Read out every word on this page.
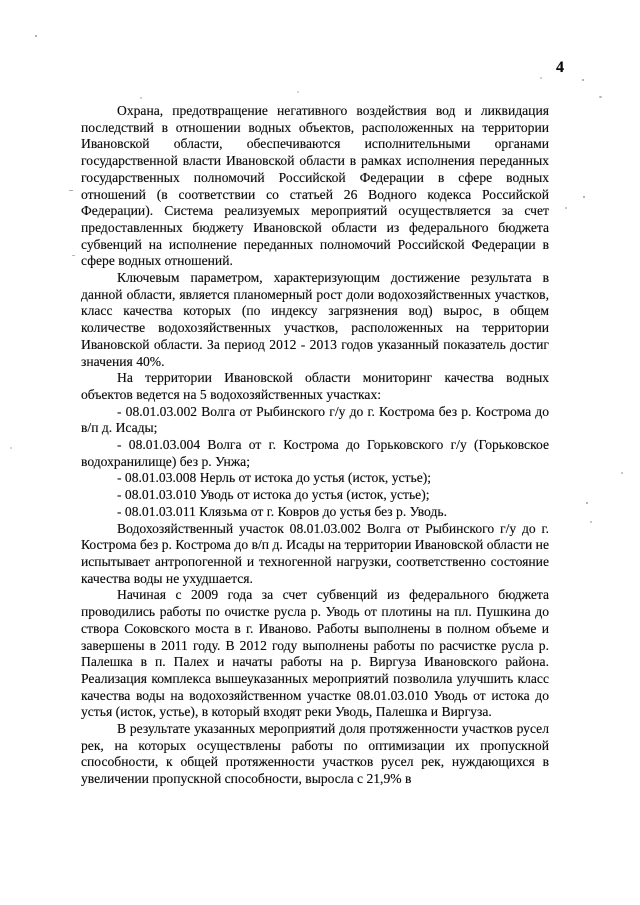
4

Охрана, предотвращение негативного воздействия вод и ликвидация последствий в отношении водных объектов, расположенных на территории Ивановской области, обеспечиваются исполнительными органами государственной власти Ивановской области в рамках исполнения переданных государственных полномочий Российской Федерации в сфере водных отношений (в соответствии со статьей 26 Водного кодекса Российской Федерации). Система реализуемых мероприятий осуществляется за счет предоставленных бюджету Ивановской области из федерального бюджета субвенций на исполнение переданных полномочий Российской Федерации в сфере водных отношений.

Ключевым параметром, характеризующим достижение результата в данной области, является планомерный рост доли водохозяйственных участков, класс качества которых (по индексу загрязнения вод) вырос, в общем количестве водохозяйственных участков, расположенных на территории Ивановской области. За период 2012 - 2013 годов указанный показатель достиг значения 40%.

На территории Ивановской области мониторинг качества водных объектов ведется на 5 водохозяйственных участках:

- 08.01.03.002 Волга от Рыбинского г/у до г. Кострома без р. Кострома до в/п д. Исады;

- 08.01.03.004 Волга от г. Кострома до Горьковского г/у (Горьковское водохранилище) без р. Унжа;

- 08.01.03.008 Нерль от истока до устья (исток, устье);

- 08.01.03.010 Уводь от истока до устья (исток, устье);

- 08.01.03.011 Клязьма от г. Ковров до устья без р. Уводь.

Водохозяйственный участок 08.01.03.002 Волга от Рыбинского г/у до г. Кострома без р. Кострома до в/п д. Исады на территории Ивановской области не испытывает антропогенной и техногенной нагрузки, соответственно состояние качества воды не ухудшается.

Начиная с 2009 года за счет субвенций из федерального бюджета проводились работы по очистке русла р. Уводь от плотины на пл. Пушкина до створа Соковского моста в г. Иваново. Работы выполнены в полном объеме и завершены в 2011 году. В 2012 году выполнены работы по расчистке русла р. Палешка в п. Палех и начаты работы на р. Виргуза Ивановского района. Реализация комплекса вышеуказанных мероприятий позволила улучшить класс качества воды на водохозяйственном участке 08.01.03.010 Уводь от истока до устья (исток, устье), в который входят реки Уводь, Палешка и Виргуза.

В результате указанных мероприятий доля протяженности участков русел рек, на которых осуществлены работы по оптимизации их пропускной способности, к общей протяженности участков русел рек, нуждающихся в увеличении пропускной способности, выросла с 21,9% в
